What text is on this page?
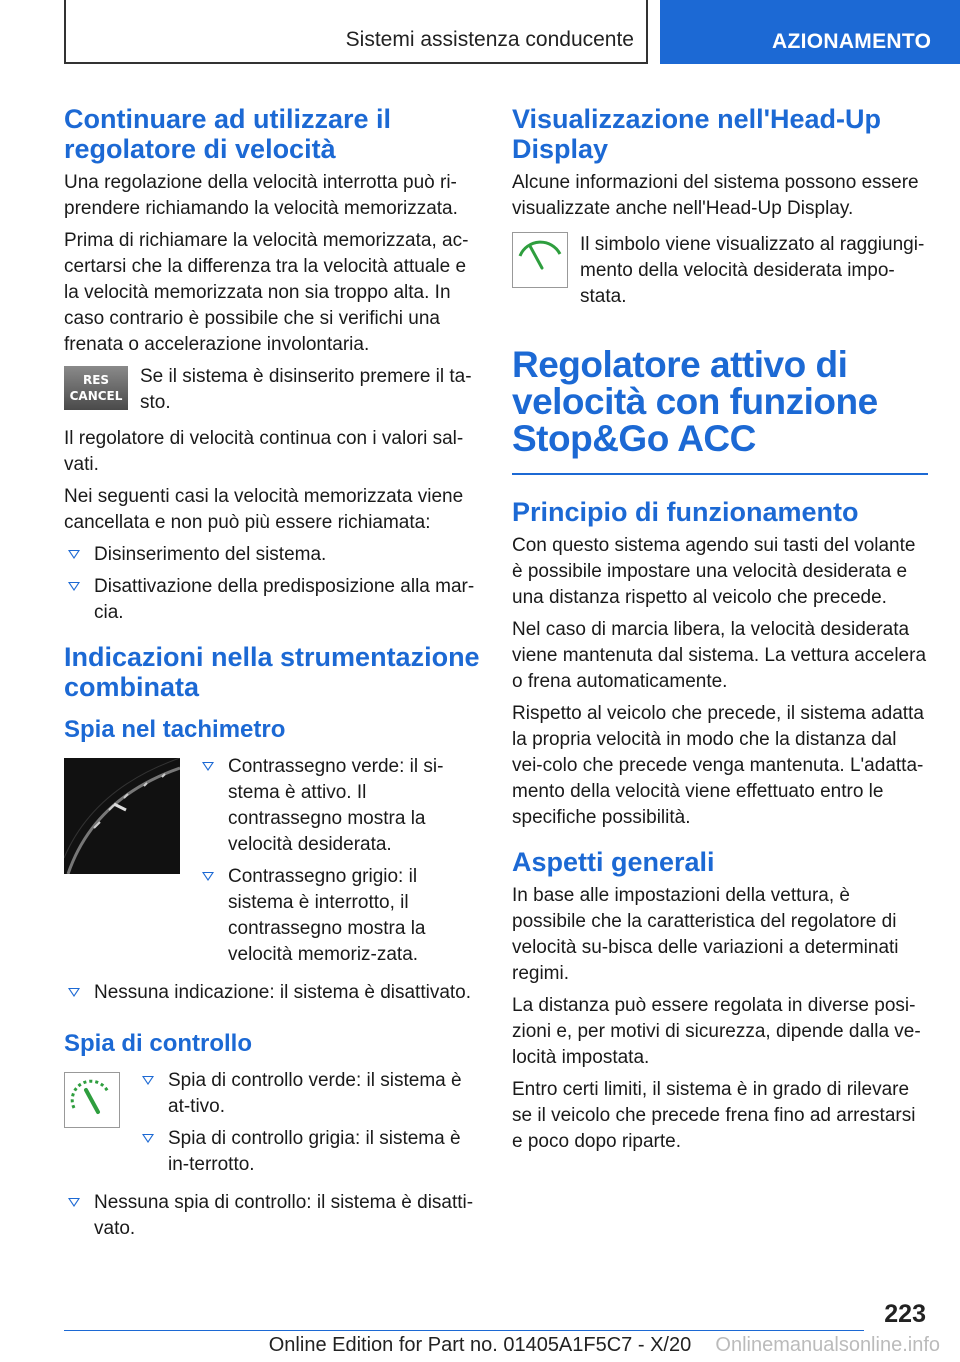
Sistemi assistenza conducente	AZIONAMENTO
Continuare ad utilizzare il regolatore di velocità

Una regolazione della velocità interrotta può ri-prendere richiamando la velocità memorizzata.

Prima di richiamare la velocità memorizzata, ac-certarsi che la differenza tra la velocità attuale e la velocità memorizzata non sia troppo alta. In caso contrario è possibile che si verifichi una frenata o accelerazione involontaria.

RES
CANCEL

Se il sistema è disinserito premere il ta-sto.

Il regolatore di velocità continua con i valori sal-vati.

Nei seguenti casi la velocità memorizzata viene cancellata e non può più essere richiamata:

Disinserimento del sistema.
Disattivazione della predisposizione alla mar-cia.
Indicazioni nella strumentazione combinata
Spia nel tachimetro
Contrassegno verde: il si-stema è attivo. Il contrassegno mostra la velocità desiderata.
Contrassegno grigio: il sistema è interrotto, il contrassegno mostra la velocità memoriz-zata.
Nessuna indicazione: il sistema è disattivato.
Spia di controllo
Spia di controllo verde: il sistema è at-tivo.
Spia di controllo grigia: il sistema è in-terrotto.
Nessuna spia di controllo: il sistema è disatti-vato.
Visualizzazione nell'Head-Up Display

Alcune informazioni del sistema possono essere visualizzate anche nell'Head-Up Display.

Il simbolo viene visualizzato al raggiungi-mento della velocità desiderata impo-stata.

Regolatore attivo di velocità con funzione Stop&Go ACC
Principio di funzionamento

Con questo sistema agendo sui tasti del volante è possibile impostare una velocità desiderata e una distanza rispetto al veicolo che precede.

Nel caso di marcia libera, la velocità desiderata viene mantenuta dal sistema. La vettura accelera o frena automaticamente.

Rispetto al veicolo che precede, il sistema adatta la propria velocità in modo che la distanza dal vei-colo che precede venga mantenuta. L'adatta-mento della velocità viene effettuato entro le specifiche possibilità.

Aspetti generali

In base alle impostazioni della vettura, è possibile che la caratteristica del regolatore di velocità su-bisca delle variazioni a determinati regimi.

La distanza può essere regolata in diverse posi-zioni e, per motivi di sicurezza, dipende dalla ve-locità impostata.

Entro certi limiti, il sistema è in grado di rilevare se il veicolo che precede frena fino ad arrestarsi e poco dopo riparte.

223
Online Edition for Part no. 01405A1F5C7 - X/20 Onlinemanualsonline.info
